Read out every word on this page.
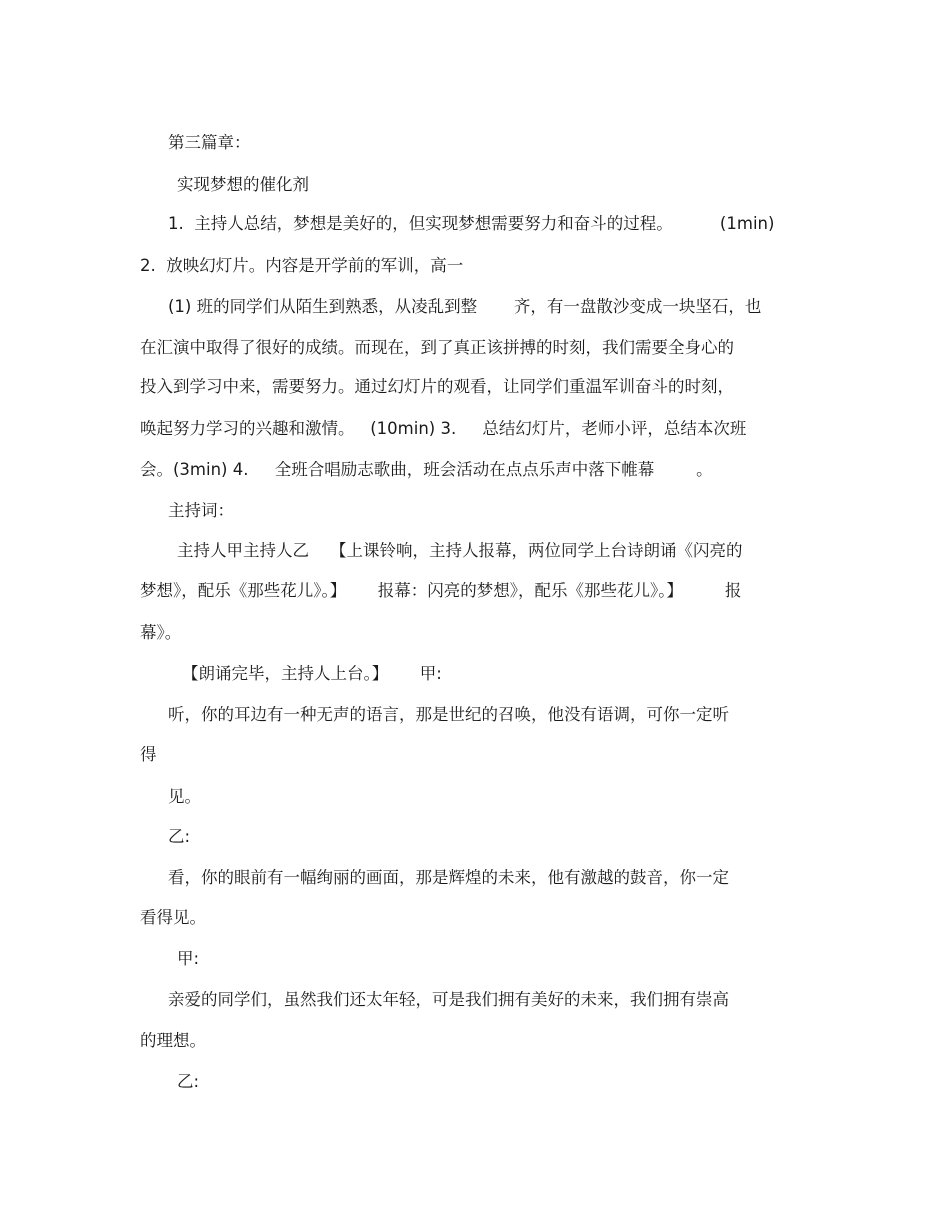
第三篇章：

实现梦想的催化剂

1.  主持人总结，梦想是美好的，但实现梦想需要努力和奋斗的过程。         (1min)

2.  放映幻灯片。内容是开学前的军训，高一

(1) 班的同学们从陌生到熟悉，从凌乱到整       齐，有一盘散沙变成一块坚石，也

在汇演中取得了很好的成绩。而现在，到了真正该拼搏的时刻，我们需要全身心的

投入到学习中来，需要努力。通过幻灯片的观看，让同学们重温军训奋斗的时刻，

唤起努力学习的兴趣和激情。   (10min) 3.     总结幻灯片，老师小评，总结本次班

会。(3min) 4.     全班合唱励志歌曲，班会活动在点点乐声中落下帷幕        。

主持词：

主持人甲主持人乙    【上课铃响，主持人报幕，两位同学上台诗朗诵《闪亮的

梦想》，配乐《那些花儿》。】      报幕：闪亮的梦想》，配乐《那些花儿》。】        报

幕》。

【朗诵完毕，主持人上台。】      甲:

听，你的耳边有一种无声的语言，那是世纪的召唤，他没有语调，可你一定听

得

见。

乙:

看，你的眼前有一幅绚丽的画面，那是辉煌的未来，他有激越的鼓音，你一定

看得见。

甲:

亲爱的同学们，虽然我们还太年轻，可是我们拥有美好的未来，我们拥有崇高

的理想。

乙:
